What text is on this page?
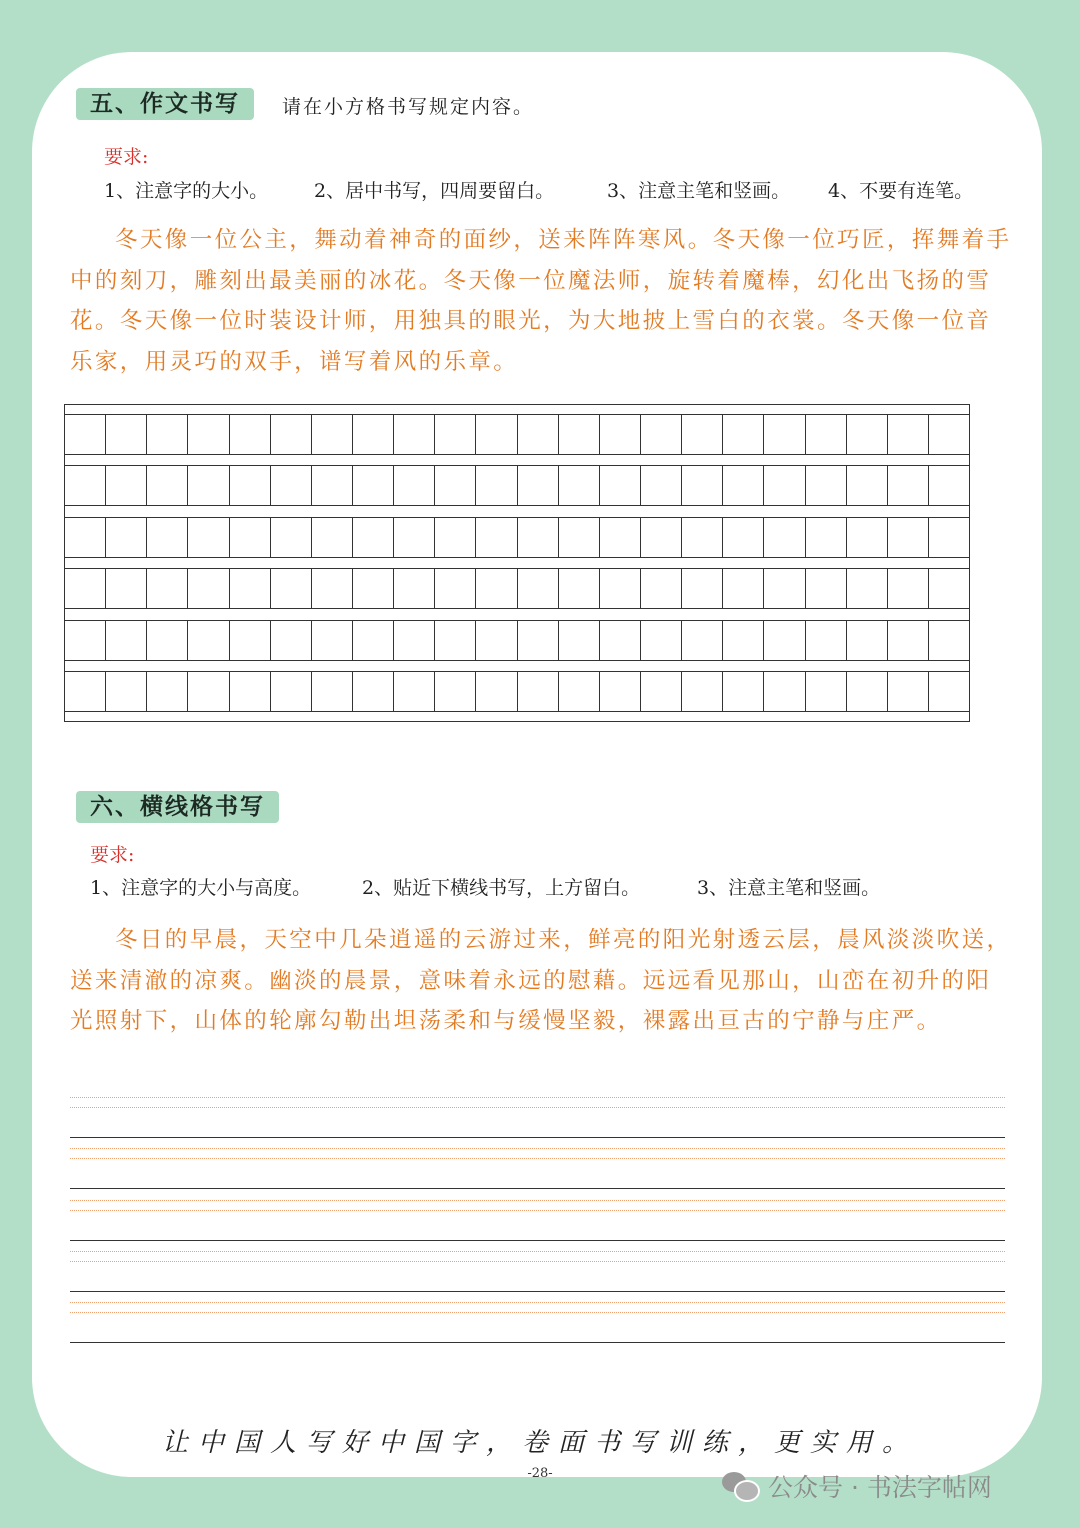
五、作文书写	请在小方格书写规定内容。
要求:
1、注意字的大小。 2、居中书写，四周要留白。	3、注意主笔和竖画。 4、不要有连笔。

冬天像一位公主，舞动着神奇的面纱，送来阵阵寒风。冬天像一位巧匠，挥舞着手中的刻刀，雕刻出最美丽的冰花。冬天像一位魔法师，旋转着魔棒，幻化出飞扬的雪花。冬天像一位时装设计师，用独具的眼光，为大地披上雪白的衣裳。冬天像一位音乐家，用灵巧的双手，谱写着风的乐章。

六、横线格书写
要求:
1、注意字的大小与高度。	2、贴近下横线书写，上方留白。	3、注意主笔和竖画。

冬日的早晨，天空中几朵逍遥的云游过来，鲜亮的阳光射透云层，晨风淡淡吹送，送来清澈的凉爽。幽淡的晨景，意味着永远的慰藉。远远看见那山，山峦在初升的阳光照射下，山体的轮廓勾勒出坦荡柔和与缓慢坚毅，裸露出亘古的宁静与庄严。

让中国人写好中国字，卷面书写训练，更实用。
-28-	公众号 · 书法字帖网
